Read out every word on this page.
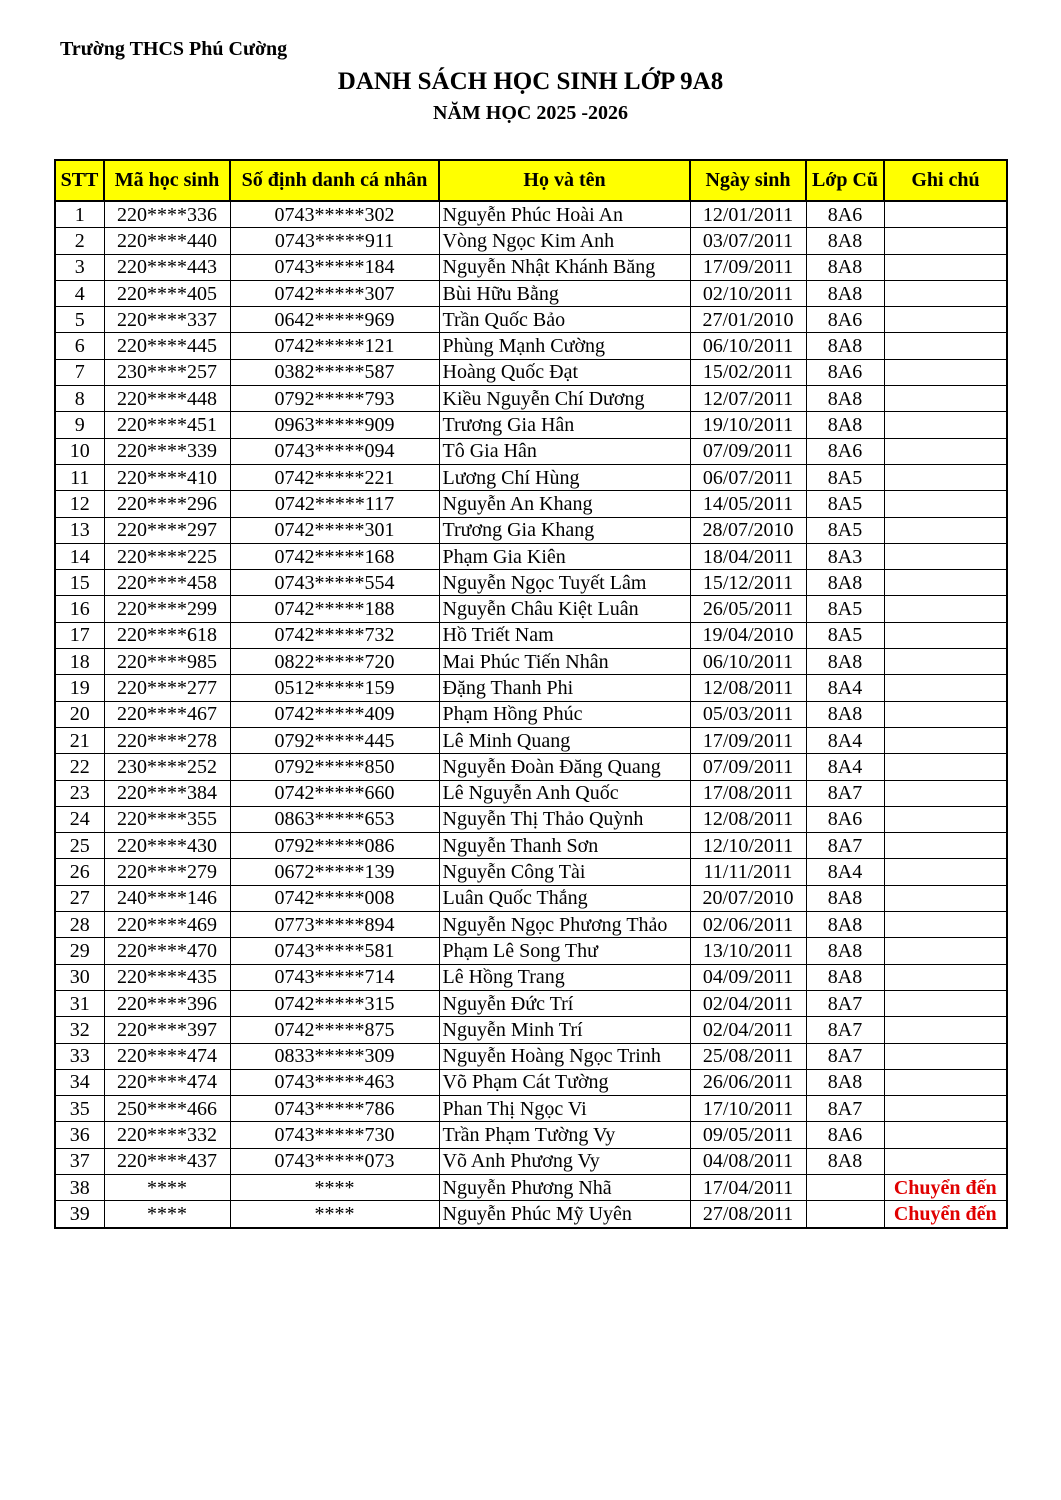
Trường THCS Phú Cường
DANH SÁCH HỌC SINH LỚP 9A8
NĂM HỌC 2025 -2026
STT	Mã học sinh	Số định danh cá nhân	Họ và tên	Ngày sinh	Lớp Cũ	Ghi chú
1	220****336	0743*****302	Nguyễn Phúc Hoài An	12/01/2011	8A6	
2	220****440	0743*****911	Vòng Ngọc Kim Anh	03/07/2011	8A8	
3	220****443	0743*****184	Nguyễn Nhật Khánh Băng	17/09/2011	8A8	
4	220****405	0742*****307	Bùi Hữu Bằng	02/10/2011	8A8	
5	220****337	0642*****969	Trần Quốc Bảo	27/01/2010	8A6	
6	220****445	0742*****121	Phùng Mạnh Cường	06/10/2011	8A8	
7	230****257	0382*****587	Hoàng Quốc Đạt	15/02/2011	8A6	
8	220****448	0792*****793	Kiều Nguyễn Chí Dương	12/07/2011	8A8	
9	220****451	0963*****909	Trương Gia Hân	19/10/2011	8A8	
10	220****339	0743*****094	Tô Gia Hân	07/09/2011	8A6	
11	220****410	0742*****221	Lương Chí Hùng	06/07/2011	8A5	
12	220****296	0742*****117	Nguyễn An Khang	14/05/2011	8A5	
13	220****297	0742*****301	Trương Gia Khang	28/07/2010	8A5	
14	220****225	0742*****168	Phạm Gia Kiên	18/04/2011	8A3	
15	220****458	0743*****554	Nguyễn Ngọc Tuyết Lâm	15/12/2011	8A8	
16	220****299	0742*****188	Nguyễn Châu Kiệt Luân	26/05/2011	8A5	
17	220****618	0742*****732	Hồ Triết Nam	19/04/2010	8A5	
18	220****985	0822*****720	Mai Phúc Tiến Nhân	06/10/2011	8A8	
19	220****277	0512*****159	Đặng Thanh Phi	12/08/2011	8A4	
20	220****467	0742*****409	Phạm Hồng Phúc	05/03/2011	8A8	
21	220****278	0792*****445	Lê Minh Quang	17/09/2011	8A4	
22	230****252	0792*****850	Nguyễn Đoàn Đăng Quang	07/09/2011	8A4	
23	220****384	0742*****660	Lê Nguyễn Anh Quốc	17/08/2011	8A7	
24	220****355	0863*****653	Nguyễn Thị Thảo Quỳnh	12/08/2011	8A6	
25	220****430	0792*****086	Nguyễn Thanh Sơn	12/10/2011	8A7	
26	220****279	0672*****139	Nguyễn Công Tài	11/11/2011	8A4	
27	240****146	0742*****008	Luân Quốc Thắng	20/07/2010	8A8	
28	220****469	0773*****894	Nguyễn Ngọc Phương Thảo	02/06/2011	8A8	
29	220****470	0743*****581	Phạm Lê Song Thư	13/10/2011	8A8	
30	220****435	0743*****714	Lê Hồng Trang	04/09/2011	8A8	
31	220****396	0742*****315	Nguyễn Đức Trí	02/04/2011	8A7	
32	220****397	0742*****875	Nguyễn Minh Trí	02/04/2011	8A7	
33	220****474	0833*****309	Nguyễn Hoàng Ngọc Trinh	25/08/2011	8A7	
34	220****474	0743*****463	Võ Phạm Cát Tường	26/06/2011	8A8	
35	250****466	0743*****786	Phan Thị Ngọc Vi	17/10/2011	8A7	
36	220****332	0743*****730	Trần Phạm Tường Vy	09/05/2011	8A6	
37	220****437	0743*****073	Võ Anh Phương Vy	04/08/2011	8A8	
38	****	****	Nguyễn Phương Nhã	17/04/2011		Chuyển đến
39	****	****	Nguyễn Phúc Mỹ Uyên	27/08/2011		Chuyển đến
